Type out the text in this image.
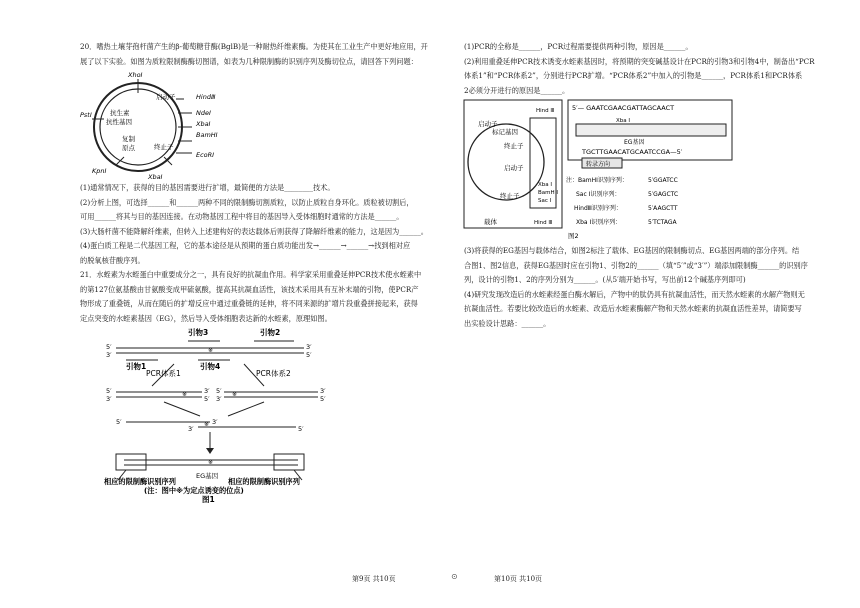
20．嗜热土壤芽孢杆菌产生的β-葡萄糖苷酶(BglB)是一种耐热纤维素酶。为使其在工业生产中更好地应用，开

展了以下实验。如图为质粒限制酶酶切图谱，如表为几种限制酶的识别序列及酶切位点，请回答下列问题：

XhoⅠ
PstⅠ	抗生素
抗性基因
复制
原点
KpnⅠ
XbaⅠ
启动子
终止子
HindⅢ
NdeⅠ
XbaⅠ
BamHⅠ
EcoRⅠ

(1)通常情况下，获得的目的基因需要进行扩增，最简便的方法是________技术。

(2)分析上图，可选择______和______两种不同的限制酶切割质粒，以防止质粒自身环化。质粒被切割后，

可用______将其与目的基因连接。在动物基因工程中将目的基因导入受体细胞时通常的方法是______。

(3)大肠杆菌不能降解纤维素，但转入上述建构好的表达载体后则获得了降解纤维素的能力，这是因为______。

(4)蛋白质工程是二代基因工程，它的基本途径是从预期的蛋白质功能出发→______→______→找到相对应

的脱氧核苷酸序列。

21．水蛭素为水蛭蛋白中重要成分之一，具有良好的抗凝血作用。科学家采用重叠延伸PCR技术使水蛭素中

的第127位氨基酸由甘氨酸变成甲硫氨酸，提高其抗凝血活性，该技术采用具有互补末端的引物，使PCR产

物形成了重叠链，从而在随后的扩增反应中通过重叠链的延伸，将不同来源的扩增片段重叠拼接起来，获得

定点突变的水蛭素基因（EG），然后导入受体细胞表达新的水蛭素，原理如图。

5′	3′
3′	5′
引物3	引物2
引物1	引物4
※
PCR体系1	PCR体系2
5′
3′
3′
5′
5′	3′
3′	5′
※	※
5′	3′
3′	5′
※
※
EG基因
相应的限制酶识别序列	相应的限制酶识别序列
(注：图中※为定点诱变的位点)
图1

(1)PCR的全称是______，PCR过程需要提供两种引物，原因是______。

(2)利用重叠延伸PCR技术诱变水蛭素基因时，将预期的突变碱基设计在PCR的引物3和引物4中，制备出“PCR

体系1”和“PCR体系2”，分别进行PCR扩增。“PCR体系2”中加入的引物是______，PCR体系1和PCR体系

2必须分开进行的原因是______。

启动子
标记基因
终止子
启动子
终止子
载体
Hind Ⅲ
Xba Ⅰ
BamH Ⅰ
Sac Ⅰ
Hind Ⅲ
5′— GAATCGAACGATTAGCAACT
Xba Ⅰ
EG基因
TGCTTGAACATGCAATCCGA—5′
转录方向
注：BamHⅠ识别序列：	5′GGATCC
Sac Ⅰ识别序列：	5′GAGCTC
HindⅢ识别序列：	5′AAGCTT
Xba Ⅰ识别序列：	5′TCTAGA
图2

(3)将获得的EG基因与载体结合，如图2标注了载体、EG基因的限制酶切点、EG基因两端的部分序列。结

合图1、图2信息，获得EG基因时应在引物1、引物2的______（填“5′”或“3′”）端添加限制酶______的识别序

列，设计的引物1、2的序列分别为______。(从5′端开始书写，写出前12个碱基序列即可)

(4)研究发现改造后的水蛭素经蛋白酶水解后，产物中的肽仍具有抗凝血活性，而天然水蛭素的水解产物则无

抗凝血活性。若要比较改造后的水蛭素、改造后水蛭素酶解产物和天然水蛭素的抗凝血活性差异，请简要写

出实验设计思路：______。

第9页 共10页	⊙	第10页 共10页
